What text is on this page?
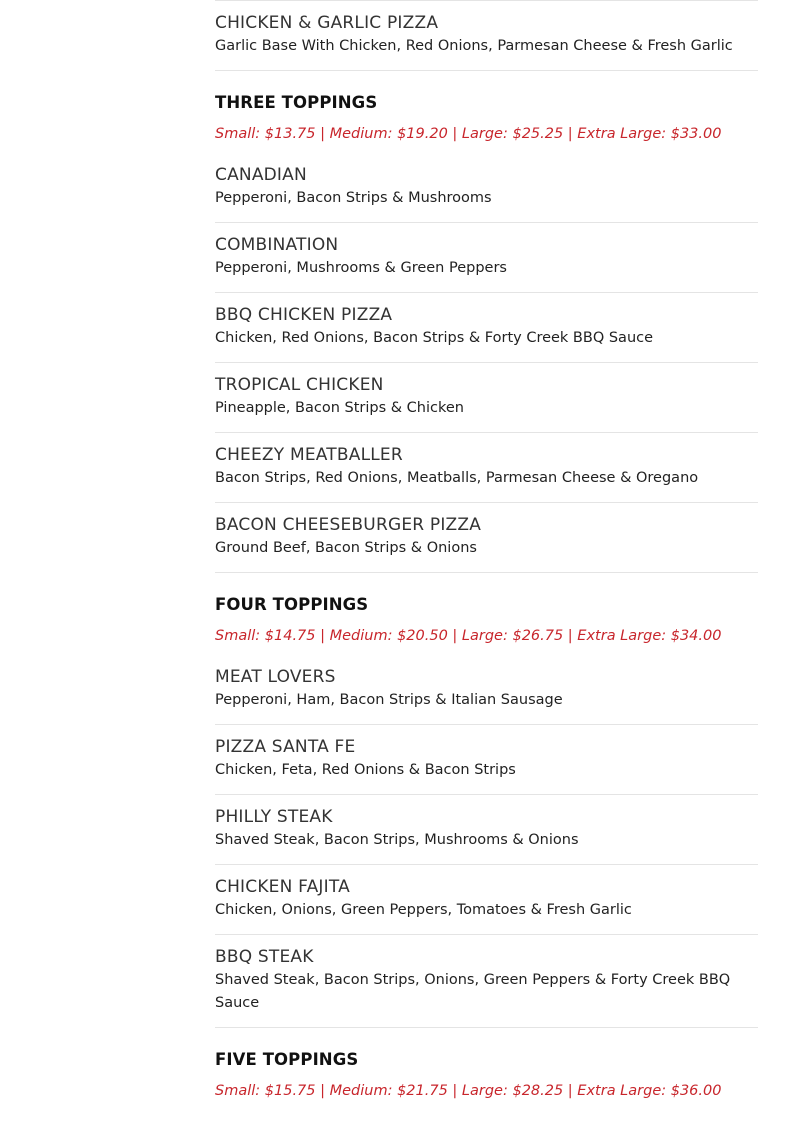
CHICKEN & GARLIC PIZZA
Garlic Base With Chicken, Red Onions, Parmesan Cheese & Fresh Garlic
THREE TOPPINGS
Small: $13.75 | Medium: $19.20 | Large: $25.25 | Extra Large: $33.00
CANADIAN
Pepperoni, Bacon Strips & Mushrooms
COMBINATION
Pepperoni, Mushrooms & Green Peppers
BBQ CHICKEN PIZZA
Chicken, Red Onions, Bacon Strips & Forty Creek BBQ Sauce
TROPICAL CHICKEN
Pineapple, Bacon Strips & Chicken
CHEEZY MEATBALLER
Bacon Strips, Red Onions, Meatballs, Parmesan Cheese & Oregano
BACON CHEESEBURGER PIZZA
Ground Beef, Bacon Strips & Onions
FOUR TOPPINGS
Small: $14.75 | Medium: $20.50 | Large: $26.75 | Extra Large: $34.00
MEAT LOVERS
Pepperoni, Ham, Bacon Strips & Italian Sausage
PIZZA SANTA FE
Chicken, Feta, Red Onions & Bacon Strips
PHILLY STEAK
Shaved Steak, Bacon Strips, Mushrooms & Onions
CHICKEN FAJITA
Chicken, Onions, Green Peppers, Tomatoes & Fresh Garlic
BBQ STEAK
Shaved Steak, Bacon Strips, Onions, Green Peppers & Forty Creek BBQ Sauce
FIVE TOPPINGS
Small: $15.75 | Medium: $21.75 | Large: $28.25 | Extra Large: $36.00
